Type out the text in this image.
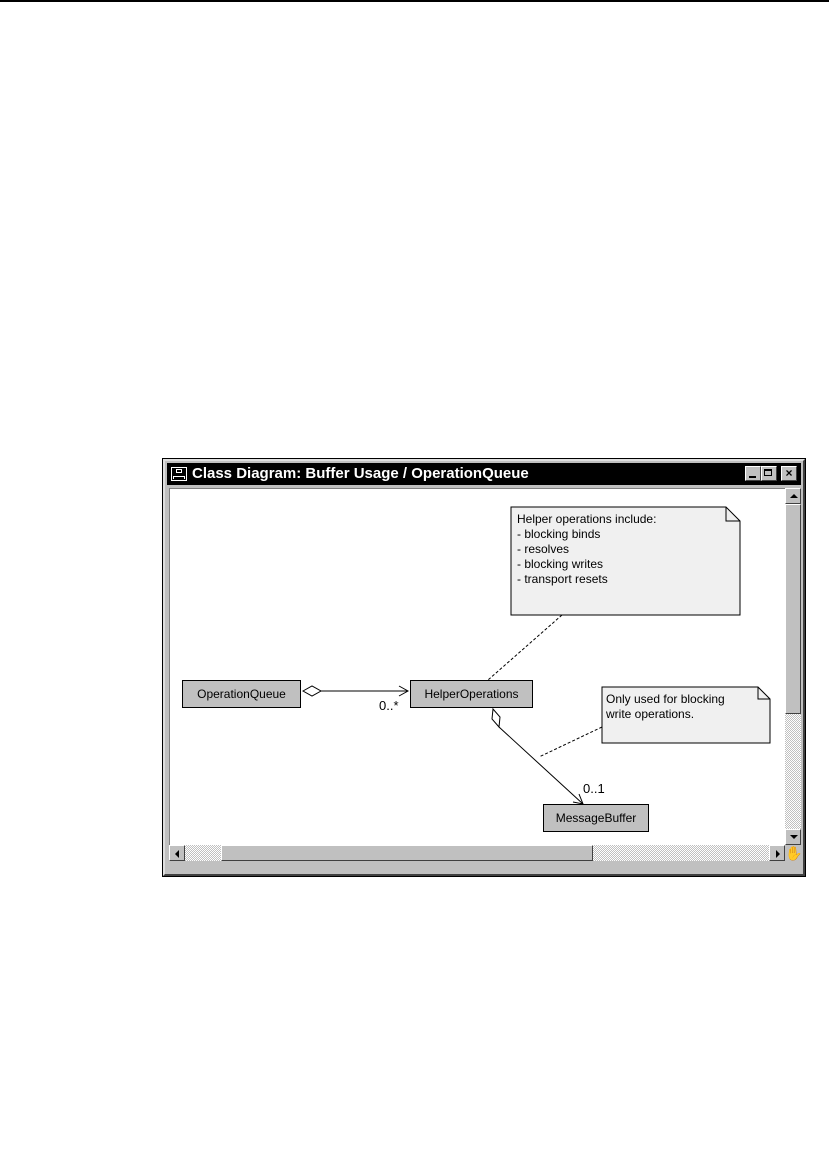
Class Diagram: Buffer Usage / OperationQueue	×
OperationQueue	HelperOperations
MessageBuffer
Helper operations include:
- blocking binds
- resolves
- blocking writes
- transport resets
Only used for blocking
write operations.
0..*
0..1
✋
